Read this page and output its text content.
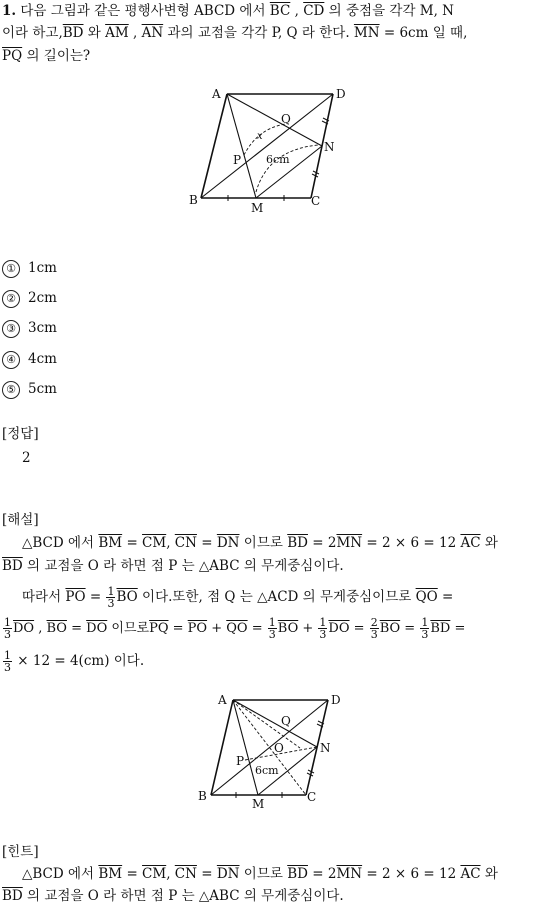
1. 다음 그림과 같은 평행사변형 ABCD 에서 $\overline{BC}$ , $\overline{CD}$ 의 중점을 각각 M, N
이라 하고$,\overline{BD}$ 와 $\overline{AM}$ , $\overline{AN}$ 과의 교점을 각각 P, Q 라 한다. $\overline{MN} = 6cm$ 일 때,
$\overline{PQ}$ 의 길이는?
A	D
B	C
M
N
P
Q
x
6cm
① 1cm
② 2cm
③ 3cm
④ 4cm
⑤ 5cm
[정답]
2
[해설]
△BCD 에서 $\overline{BM} = \overline{CM}$, $\overline{CN} = \overline{DN}$ 이므로 $\overline{BD} = 2\overline{MN} = 2 \times 6 = 12$ $\overline{AC}$ 와
$\overline{BD}$ 의 교점을 O 라 하면 점 P 는 △ABC 의 무게중심이다.
따라서 $\overline{PO} = \frac{1}{3} \overline{BO}$ 이다.또한, 점 Q 는 △ACD 의 무게중심이므로 $\overline{QO}$ =
$\frac{1}{3} \overline{DO}$ , $\overline{BO} = \overline{DO}$ 이므로$\overline{PQ} = \overline{PO} + \overline{QO} = \frac{1}{3} \overline{BO} + \frac{1}{3} \overline{DO} = \frac{2}{3} \overline{BO} = \frac{1}{3} \overline{BD}$ =
$\frac{1}{3} \times 12 = 4(cm)$ 이다.
A	D
B	C
M
N
P
Q
O
6cm
[힌트]
△BCD 에서 $\overline{BM} = \overline{CM}$, $\overline{CN} = \overline{DN}$ 이므로 $\overline{BD} = 2\overline{MN} = 2 \times 6 = 12$ $\overline{AC}$ 와
$\overline{BD}$ 의 교점을 O 라 하면 점 P 는 △ABC 의 무게중심이다.
